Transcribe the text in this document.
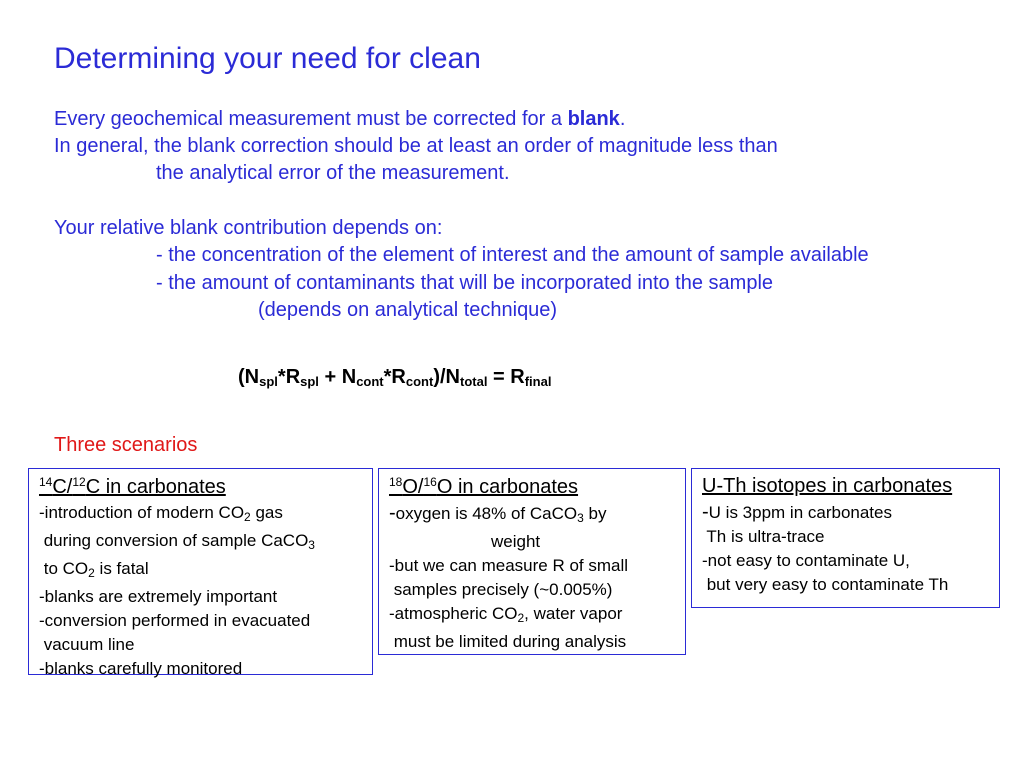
Determining your need for clean
Every geochemical measurement must be corrected for a blank.
In general, the blank correction should be at least an order of magnitude less than
the analytical error of the measurement.
Your relative blank contribution depends on:
- the concentration of the element of interest and the amount of sample available
- the amount of contaminants that will be incorporated into the sample
(depends on analytical technique)
$(N_{spl}*R_{spl} + N_{cont}*R_{cont})/N_{total} = R_{final}$
Three scenarios
$^{14}$C/$^{12}$C in carbonates
-introduction of modern $CO_2$ gas
during conversion of sample CaCO$_3$
to $CO_2$ is fatal
-blanks are extremely important
-conversion performed in evacuated
vacuum line
-blanks carefully monitored
$^{18}$O/$^{16}$O in carbonates
-oxygen is 48% of CaCO$_3$ by
weight
-but we can measure R of small
samples precisely (~0.005%)
-atmospheric $CO_2$, water vapor
must be limited during analysis
U-Th isotopes in carbonates
-U is 3ppm in carbonates
Th is ultra-trace
-not easy to contaminate U,
but very easy to contaminate Th
